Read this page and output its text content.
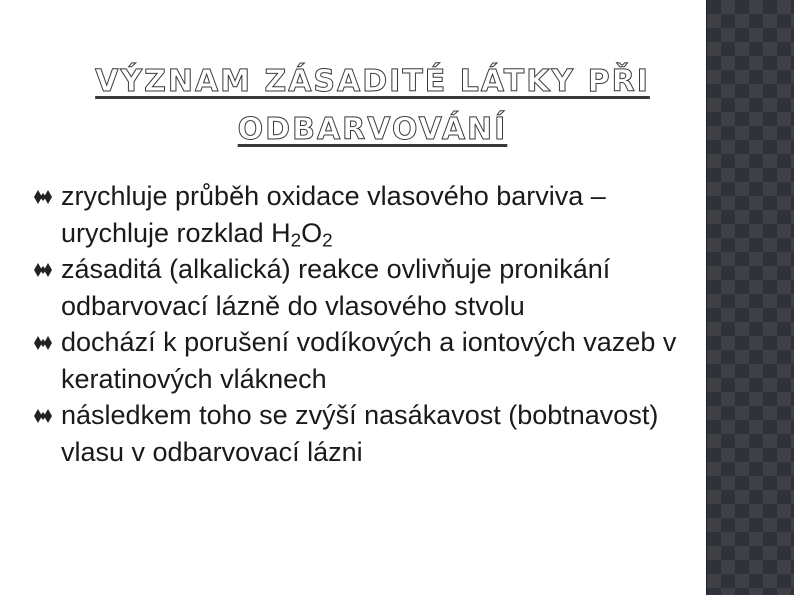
VÝZNAM ZÁSADITÉ LÁTKY PŘI ODBARVOVÁNÍ
zrychluje průběh oxidace vlasového barviva – urychluje rozklad $H_2O_2$
zásaditá (alkalická) reakce ovlivňuje pronikání odbarvovací lázně do vlasového stvolu
dochází k porušení vodíkových a iontových vazeb v keratinových vláknech
následkem toho se zvýší nasákavost (bobtnavost) vlasu v odbarvovací lázni
